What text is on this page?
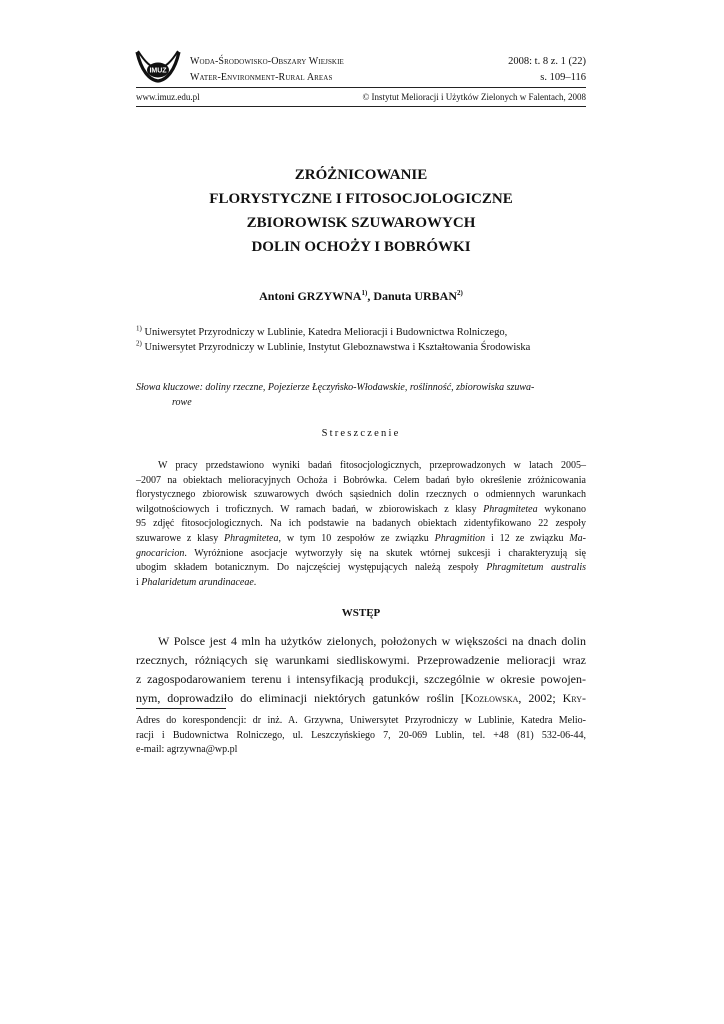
IMUZ
Woda-Środowisko-Obszary Wiejskie
Water-Environment-Rural Areas
2008: t. 8 z. 1 (22)
s. 109–116
www.imuz.edu.pl	© Instytut Melioracji i Użytków Zielonych w Falentach, 2008
ZRÓŻNICOWANIE
FLORYSTYCZNE I FITOSOCJOLOGICZNE
ZBIOROWISK SZUWAROWYCH
DOLIN OCHOŻY I BOBRÓWKI
Antoni GRZYWNA$^{1)}$, Danuta URBAN$^{2)}$
$^{1)}$ Uniwersytet Przyrodniczy w Lublinie, Katedra Melioracji i Budownictwa Rolniczego,
$^{2)}$ Uniwersytet Przyrodniczy w Lublinie, Instytut Gleboznawstwa i Kształtowania Środowiska
Słowa kluczowe: doliny rzeczne, Pojezierze Łęczyńsko-Włodawskie, roślinność, zbiorowiska szuwa-
rowe
Streszczenie
W pracy przedstawiono wyniki badań fitosocjologicznych, przeprowadzonych w latach 2005–
–2007 na obiektach melioracyjnych Ochoża i Bobrówka. Celem badań było określenie zróżnicowania
florystycznego zbiorowisk szuwarowych dwóch sąsiednich dolin rzecznych o odmiennych warunkach
wilgotnościowych i troficznych. W ramach badań, w zbiorowiskach z klasy Phragmitetea wykonano
95 zdjęć fitosocjologicznych. Na ich podstawie na badanych obiektach zidentyfikowano 22 zespoły
szuwarowe z klasy Phragmitetea, w tym 10 zespołów ze związku Phragmition i 12 ze związku Ma-
gnocaricion. Wyróżnione asocjacje wytworzyły się na skutek wtórnej sukcesji i charakteryzują się
ubogim składem botanicznym. Do najczęściej występujących należą zespoły Phragmitetum australis
i Phalaridetum arundinaceae.
WSTĘP
W Polsce jest 4 mln ha użytków zielonych, położonych w większości na dnach dolin
rzecznych, różniących się warunkami siedliskowymi. Przeprowadzenie melioracji wraz
z zagospodarowaniem terenu i intensyfikacją produkcji, szczególnie w okresie powojen-
nym, doprowadziło do eliminacji niektórych gatunków roślin [Kozłowska, 2002; Kry-
Adres do korespondencji: dr inż. A. Grzywna, Uniwersytet Przyrodniczy w Lublinie, Katedra Melio-
racji i Budownictwa Rolniczego, ul. Leszczyńskiego 7, 20-069 Lublin, tel. +48 (81) 532-06-44,
e-mail: agrzywna@wp.pl
